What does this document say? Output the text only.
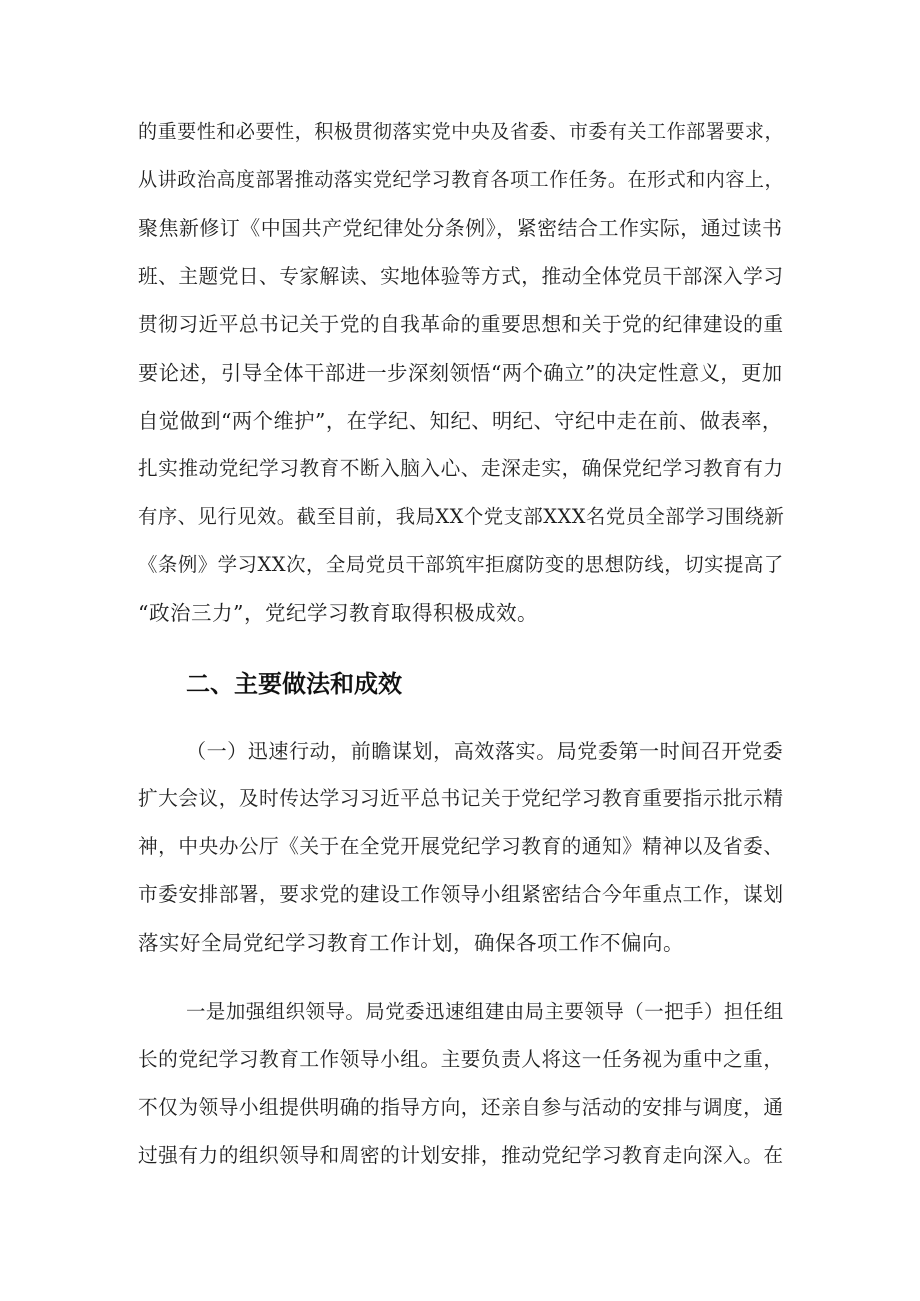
的重要性和必要性，积极贯彻落实党中央及省委、市委有关工作部署要求，
从讲政治高度部署推动落实党纪学习教育各项工作任务。在形式和内容上，
聚焦新修订《中国共产党纪律处分条例》，紧密结合工作实际，通过读书
班、主题党日、专家解读、实地体验等方式，推动全体党员干部深入学习
贯彻习近平总书记关于党的自我革命的重要思想和关于党的纪律建设的重
要论述，引导全体干部进一步深刻领悟“两个确立”的决定性意义，更加
自觉做到“两个维护”，在学纪、知纪、明纪、守纪中走在前、做表率，
扎实推动党纪学习教育不断入脑入心、走深走实，确保党纪学习教育有力
有序、见行见效。截至目前，我局XX个党支部XXX名党员全部学习围绕新
《条例》学习XX次，全局党员干部筑牢拒腐防变的思想防线，切实提高了
“政治三力”，党纪学习教育取得积极成效。
二、主要做法和成效
（一）迅速行动，前瞻谋划，高效落实。局党委第一时间召开党委
扩大会议，及时传达学习习近平总书记关于党纪学习教育重要指示批示精
神，中央办公厅《关于在全党开展党纪学习教育的通知》精神以及省委、
市委安排部署，要求党的建设工作领导小组紧密结合今年重点工作，谋划
落实好全局党纪学习教育工作计划，确保各项工作不偏向。
一是加强组织领导。局党委迅速组建由局主要领导（一把手）担任组
长的党纪学习教育工作领导小组。主要负责人将这一任务视为重中之重，
不仅为领导小组提供明确的指导方向，还亲自参与活动的安排与调度，通
过强有力的组织领导和周密的计划安排，推动党纪学习教育走向深入。在
